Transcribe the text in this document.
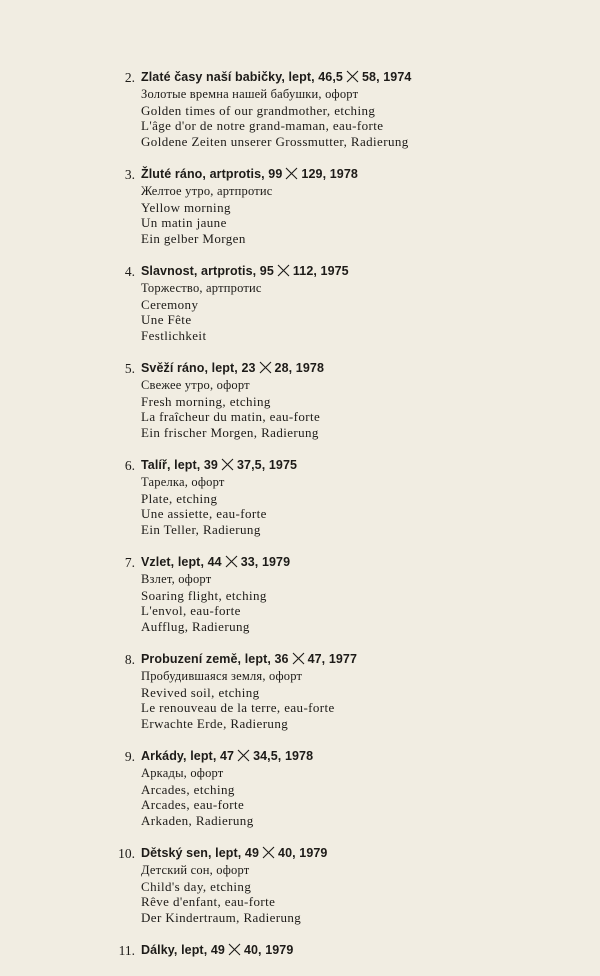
2. Zlaté časy naší babičky, lept, 46,5 58, 1974
Золотые времна нашей бабушки, офорт
Golden times of our grandmother, etching
L'âge d'or de notre grand-maman, eau-forte
Goldene Zeiten unserer Grossmutter, Radierung
3. Žluté ráno, artprotis, 99 129, 1978
Желтое утро, артпротис
Yellow morning
Un matin jaune
Ein gelber Morgen
4. Slavnost, artprotis, 95 112, 1975
Торжество, артпротис
Ceremony
Une Fête
Festlichkeit
5. Svěží ráno, lept, 23 28, 1978
Свежее утро, офорт
Fresh morning, etching
La fraîcheur du matin, eau-forte
Ein frischer Morgen, Radierung
6. Talíř, lept, 39 37,5, 1975
Тарелка, офорт
Plate, etching
Une assiette, eau-forte
Ein Teller, Radierung
7. Vzlet, lept, 44 33, 1979
Взлет, офорт
Soaring flight, etching
L'envol, eau-forte
Aufflug, Radierung
8. Probuzení země, lept, 36 47, 1977
Пробудившаяся земля, офорт
Revived soil, etching
Le renouveau de la terre, eau-forte
Erwachte Erde, Radierung
9. Arkády, lept, 47 34,5, 1978
Аркады, офорт
Arcades, etching
Arcades, eau-forte
Arkaden, Radierung
10. Dětský sen, lept, 49 40, 1979
Детский сон, офорт
Child's day, etching
Rêve d'enfant, eau-forte
Der Kindertraum, Radierung
11. Dálky, lept, 49 40, 1979
